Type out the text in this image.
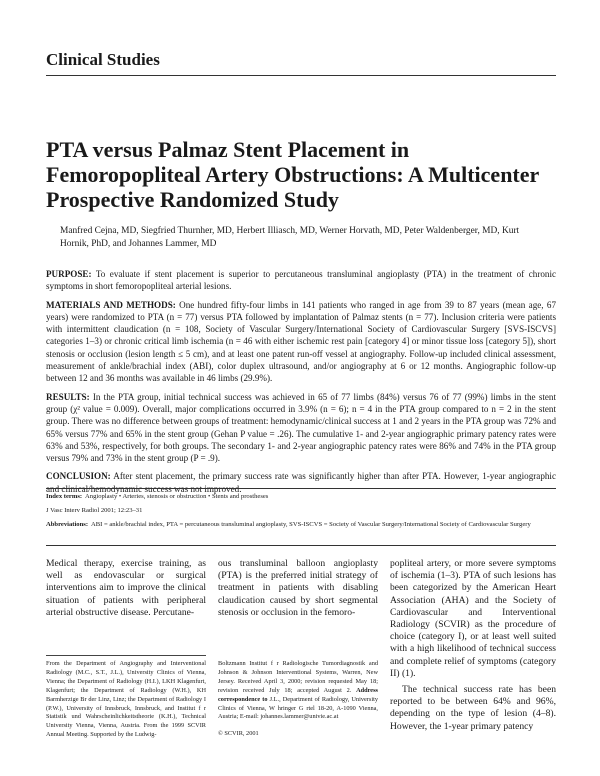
Clinical Studies
PTA versus Palmaz Stent Placement in Femoropopliteal Artery Obstructions: A Multicenter Prospective Randomized Study
Manfred Cejna, MD, Siegfried Thurnher, MD, Herbert Illiasch, MD, Werner Horvath, MD, Peter Waldenberger, MD, Kurt Hornik, PhD, and Johannes Lammer, MD

PURPOSE: To evaluate if stent placement is superior to percutaneous transluminal angioplasty (PTA) in the treatment of chronic symptoms in short femoropopliteal arterial lesions.

MATERIALS AND METHODS: One hundred fifty-four limbs in 141 patients who ranged in age from 39 to 87 years (mean age, 67 years) were randomized to PTA (n = 77) versus PTA followed by implantation of Palmaz stents (n = 77). Inclusion criteria were patients with intermittent claudication (n = 108, Society of Vascular Surgery/International Society of Cardiovascular Surgery [SVS-ISCVS] categories 1–3) or chronic critical limb ischemia (n = 46 with either ischemic rest pain [category 4] or minor tissue loss [category 5]), short stenosis or occlusion (lesion length ≤ 5 cm), and at least one patent run-off vessel at angiography. Follow-up included clinical assessment, measurement of ankle/brachial index (ABI), color duplex ultrasound, and/or angiography at 6 or 12 months. Angiographic follow-up between 12 and 36 months was available in 46 limbs (29.9%).

RESULTS: In the PTA group, initial technical success was achieved in 65 of 77 limbs (84%) versus 76 of 77 (99%) limbs in the stent group (χ² value = 0.009). Overall, major complications occurred in 3.9% (n = 6); n = 4 in the PTA group compared to n = 2 in the stent group. There was no difference between groups of treatment: hemodynamic/clinical success at 1 and 2 years in the PTA group was 72% and 65% versus 77% and 65% in the stent group (Gehan P value = .26). The cumulative 1- and 2-year angiographic primary patency rates were 63% and 53%, respectively, for both groups. The secondary 1- and 2-year angiographic patency rates were 86% and 74% in the PTA group versus 79% and 73% in the stent group (P = .9).

CONCLUSION: After stent placement, the primary success rate was significantly higher than after PTA. However, 1-year angiographic

Index terms: Angioplasty • Arteries, stenosis or obstruction • Stents and prostheses
J Vasc Interv Radiol 2001; 12:23–31
Abbreviations: ABI = ankle/brachial index, PTA = percutaneous transluminal angioplasty, SVS-ISCVS = Society of Vascular Surgery/International Society of Cardiovascular Surgery

Medical therapy, exercise training, as well as endovascular or surgical interventions aim to improve the clinical situation of patients with peripheral arterial obstructive disease. Percutane-

ous transluminal balloon angioplasty (PTA) is the preferred initial strategy of treatment in patients with disabling claudication caused by short segmental stenosis or occlusion in the femoro-

popliteal artery, or more severe symptoms of ischemia (1–3). PTA of such lesions has been categorized by the American Heart Association (AHA) and the Society of Cardiovascular and Interventional Radiology (SCVIR) as the procedure of choice (category I), or at least well suited with a high likelihood of technical success and complete relief of symptoms (category II) (1).

The technical success rate has been reported to be between 64% and 96%, depending on the type of lesion (4–8). However, the 1-year primary patency

From the Department of Angiography and Interventional Radiology (M.C., S.T., J.L.), University Clinics of Vienna, Vienna; the Department of Radiology (H.I.), LKH Klagenfurt, Klagenfurt; the Department of Radiology (W.H.), KH Barmherzige Br der Linz, Linz; the Department of Radiology I (P.W.), University of Innsbruck, Innsbruck, and Institut f r Statistik und Wahrscheinlichkeitstheorie (K.H.), Technical University Vienna, Vienna, Austria. From the 1999 SCVIR Annual Meeting. Supported by the Ludwig-

Boltzmann Institut f r Radiologische Tumordiagnostik and Johnson & Johnson Interventional Systems, Warren, New Jersey. Received April 3, 2000; revision requested May 18; revision received July 18; accepted August 2. Address correspondence to J.L., Department of Radiology, University Clinics of Vienna, W hringer G rtel 18-20, A-1090 Vienna, Austria; E-mail: johannes.lammer@univie.ac.at

© SCVIR, 2001
